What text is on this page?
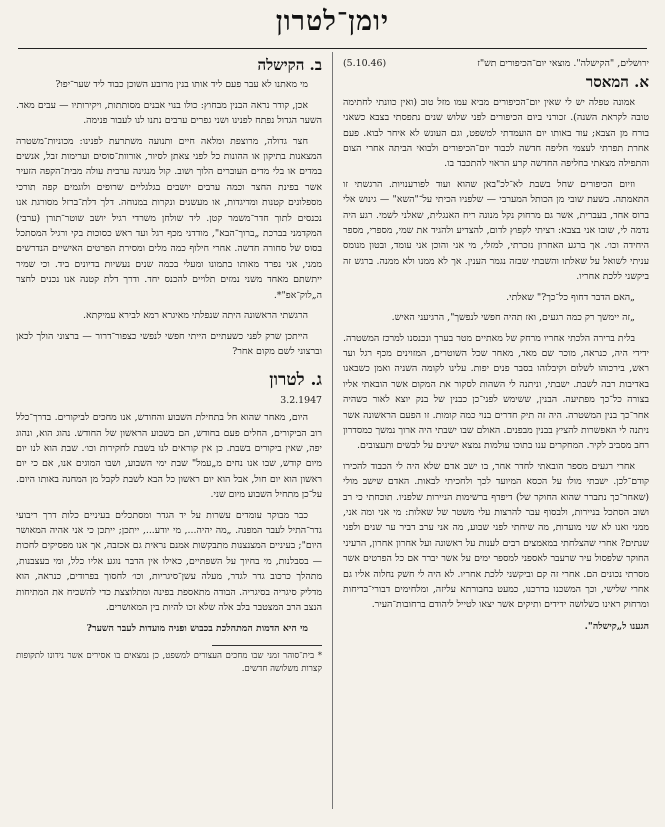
יומן־לטרון
ירושלים, "הקישלה". מוצאי יום־הכיפורים תש"ז
(5.10.46)
א. המאסר

אמונה טפלה יש לי שאין יום־הכיפורים מביא עמו מזל טוב (ואין כוונתי לחתימה טובה לקראת השנה). זכורני ביום הכיפורים לפני שלוש שנים נתפסתי בצבא כשאני בורח מן הצבא; עוד באותו יום הועמדתי למשפט, וגם העונש לא איחר לבוא. פעם אחרת תפרתי לעצמי חליפה חדשה לכבוד יום־הכיפורים ולבואי הביתה אחרי הצום והתפילה מצאתי בחליפה החדשה קרע הראוי להתכבד בו.

וזיום הכיפורים שחל בשבת לא־לכ"באן שהוא ועוד לפורענויות. הרגשתי זו התאמתה. בשעת שובי מן הכותל המערבי — שלפניו הכיתי על־"השא" — גינוש אלי ברוס אחד, בעברית, אשר גם מרחוק נקל מנונה ריח האנגלית, שאלני לשמי. רגע היה נדמה לי, שובו אני בצבא: רציתי לקפוץ לדום, להצדיע ולהגיד את שמי, מספרי, מספר היחידה וכו׳. אך ברגע האחרון נזכרתי, למזלי, מי אני והוכן אני עומד, ובטון מנומס עניתי לשואל על שאלתו והשבתי שבזה נגמר הענין. אך לא ממנו ולא ממנה. ברגש זה ביקשני ללכת אחריו.

„האם הדבר דחוף כל־כך?" שאלתי.

„זה יימשך רק כמה רגעים, ואז תהיה חפשי לנפשך", הרגיעני האיש.

בלית ברירה הלכתי אחריו מרחק של מאתיים מטר בערך ונכנסנו למרכז המשטרה. ידידי היה, כנראה, מוכר שם מאד, מאחר שכל השוטרים, המזוינים מכף רגל ועד ראש, בירכוהו לשלום וקיבלוהו בסבר פנים יפות. עלינו לקומה השניה ואמן כשבאנו באדיבות רבה לשבת. ישבתי, וניתנה לי השהות לסקור את המקום אשר הובאתי אליו בצורה כל־כך מפתיעה. הבנין, ששימש לפני־כן כבנין של בנק יוצא לאור כשהיה אחר־כך בנין המשטרה. היה זה תיק חדרים בנוי כמה קומות. זו הפעם הראשונה אשר ניתנה לי האפשרות להציץ בבנין מבפנים. האולם שבו ישבתי היה ארוך נמשך כמסדרון רחב מסביב לקיר. המחקרים ענו בתוכו עולמות נמצא ישינים על לבשים ותעצובים.

אחרי רגעים מספר הובאתי לחדר אחר, בו ישב אדם שלא היה לי הכבוד להכירו קודם־לכן. ישבתי מולו על הכסא המיועד לכך ולחכיתי לבאות. האדם שישב מולי (שאחר־כך נתברר שהוא החוקר של) דיפדף ברשימות הניירות שלפניו. תוכחתי כי רב ושוב הסתכל בניירות, ולבסוף עבר להרצות עלי משטר של שאלות: מי אני ומה אני, ממני ואנו לא שני מועדות, מה שיחתי לפני שבוע, מה אני ערב דביר ער שנים ולפני שנתים? אחרי שהצלחתי במאמצים רבים לענות על ראשונה ועל אחרון אחרון, הרעיני החוקר שלפסול עיר שרעבר לאספני למספר ימים על אשר יברר אם כל הפרטים אשר מסרתי נכונים הם. אחרי זה קם וביקשני ללכת אחריו. לא היה לי חשק נחלוה אליו גם אחרי שלישי, וכך המשכנו בדרכנו, כמעט בחבורתא עליזה, ומלחימים דבורי־בדיחות ומרחוק ראינו כשלושה ידידים ותיקים אשר יצאו לטייל ליהודם ברחובות־העיר.

הגענו ל„קישלה".

ב. הקישלה

מי מאתנו לא עבר פעם ליד אותו בנין מרובע השוכן כבוד ליד שער־יפו?

אכן, קודר נראה הבנין מבחוץ: כולו בנוי אבנים מסותתות, ויקירותיו — עבים מאד. השער הגדול נפתח לפנינו ושני גפרים ערבים נתנו לנו לעבור פנימה.

חצר גדולה, מרוצפת ומלאה חיים ותנועה משתרעת לפנינו: מכוניות־משטרה המצאנות בתיקון או ההונות כל לפני צאתן לסיור, אורוות־סוסים וערימות זבל, אנשים במדים או בלי מדים העוברים הלוך ושוב. קול מנגינה ערבית עולה מבית־הקפה הזעיר אשר בפינת החצר וכמה ערבים יושבים בגלגליים שרופים ולוגמים קפה תורכי מספלונים קטנות ומדיגדות, או מעשנים ונקרות במנוחה. דלך דלת־ברזל מסורגת אנו נכנסים לתוך חדר־משמר קטן. ליד שולחן משרדי רגיל יושב שוטר־תורן (ערבי) המקדמני בברכת „ברוך־הבא", מודדני מכף רגל ועד ראש כסוכות בקי ורגיל המסתכל בסוס של סחורה חדשה. אחרי חילוף כמה מלים ומסירת הפרטים האישיים הנדרשים ממני, אני נפרד מאותו בתמונו ומעלי בכמה שנים נעשיות בדיונים ביד. וכי שמיר ייתשתם מאחד משני נמזים תלויים להכנס יחד. ודרך דלת קטנה אנו נכנים לחצר ה„לוק־אפ"*.

הרגשתי הראשונה היתה שנפלתי מאיגרא רמא לבירא עמיקתא.

הייתכן שרק לפני כשעתיים הייתי חפשי לנפשי כצפור־דרור — ברצוני הולך לכאן וברצוני לשם מקום אחר?

ג. לטרון
3.2.1947

היום, מאחר שהוא חל בתחילת השבוע והחודש, אנו מחכים לביקורים. בדרך־כלל רוב הביקורים, החלים פעם בחודש, הם בשבוע הראשון של החודש. נהוג הוא, ונהוג יפה, שאין ביקורים בשבת. כן אין קוראים לנו בשבת לחקירות וכו׳. שבת הוא לנו יום מיום קודש, שבו אנו נחים מ„עמל" שבת ימי השבוע, ושבו המוגים אנו, אם כי יום ראשון הוא יום חול, אבל הוא יום ראשון כל הבא לשבת לקבל מן המחנה באותו היום. על־כן מתחיל השבוע מיום שני.

כבר מבוקר עומדים עשרות על יד הגדר ומסתכלים בעיניים כלות דרך ריבועי גדר־התיל לעבר המפנה. „מה יהיה..., מי יודע..., ייתכן; ייתכן כי אני אהיה המאושר היום"; בעיניים המצנצנות מתבקשות אמנם נראית גם אכזבה, אך אנו מפסיקים לחכות — בסבלנות, מי בחיוך על השפתיים, כאילו אין הדבר נוגע אליו כלל, ומי בעצבנות, מתהלך כרכוב גדר לגדר, מעלה עשן־סיגריות, וכו׳ לחסוך בפרודים, כנראה, הוא מדליק סיגריה בסיגריה. הבודה מתאספת בפינה ומתלוצצת כדי להשכיח את המתיחות הנצב הרב המצטבר בלב אלה שלא זכו להיות בין המאושרים.

מי היא הדמות המתהלכת בכבוש ופניה מועדות לעבר השער?

* בית־סוהר זמני שבו מחכים העצורים למשפט, כן נמצאים בו אסירים אשר נידונו לתקופות קצרות משלושה חדשים.
